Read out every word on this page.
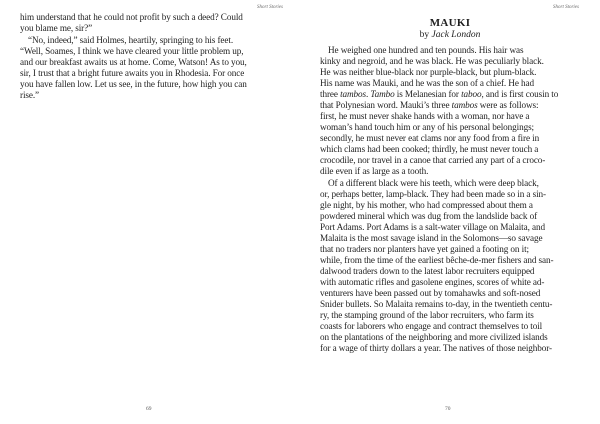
Short Stories
him understand that he could not profit by such a deed? Could
you blame me, sir?”
“No, indeed,” said Holmes, heartily, springing to his feet.
“Well, Soames, I think we have cleared your little problem up,
and our breakfast awaits us at home. Come, Watson! As to you,
sir, I trust that a bright future awaits you in Rhodesia. For once
you have fallen low. Let us see, in the future, how high you can
rise.”
69
Short Stories
MAUKI
by Jack London
He weighed one hundred and ten pounds. His hair was
kinky and negroid, and he was black. He was peculiarly black.
He was neither blue-black nor purple-black, but plum-black.
His name was Mauki, and he was the son of a chief. He had
three tambos. Tambo is Melanesian for taboo, and is first cousin to
that Polynesian word. Mauki’s three tambos were as follows:
first, he must never shake hands with a woman, nor have a
woman’s hand touch him or any of his personal belongings;
secondly, he must never eat clams nor any food from a fire in
which clams had been cooked; thirdly, he must never touch a
crocodile, nor travel in a canoe that carried any part of a croco-
dile even if as large as a tooth.
Of a different black were his teeth, which were deep black,
or, perhaps better, lamp-black. They had been made so in a sin-
gle night, by his mother, who had compressed about them a
powdered mineral which was dug from the landslide back of
Port Adams. Port Adams is a salt-water village on Malaita, and
Malaita is the most savage island in the Solomons—so savage
that no traders nor planters have yet gained a footing on it;
while, from the time of the earliest bêche-de-mer fishers and san-
dalwood traders down to the latest labor recruiters equipped
with automatic rifles and gasolene engines, scores of white ad-
venturers have been passed out by tomahawks and soft-nosed
Snider bullets. So Malaita remains to-day, in the twentieth centu-
ry, the stamping ground of the labor recruiters, who farm its
coasts for laborers who engage and contract themselves to toil
on the plantations of the neighboring and more civilized islands
for a wage of thirty dollars a year. The natives of those neighbor-
70
